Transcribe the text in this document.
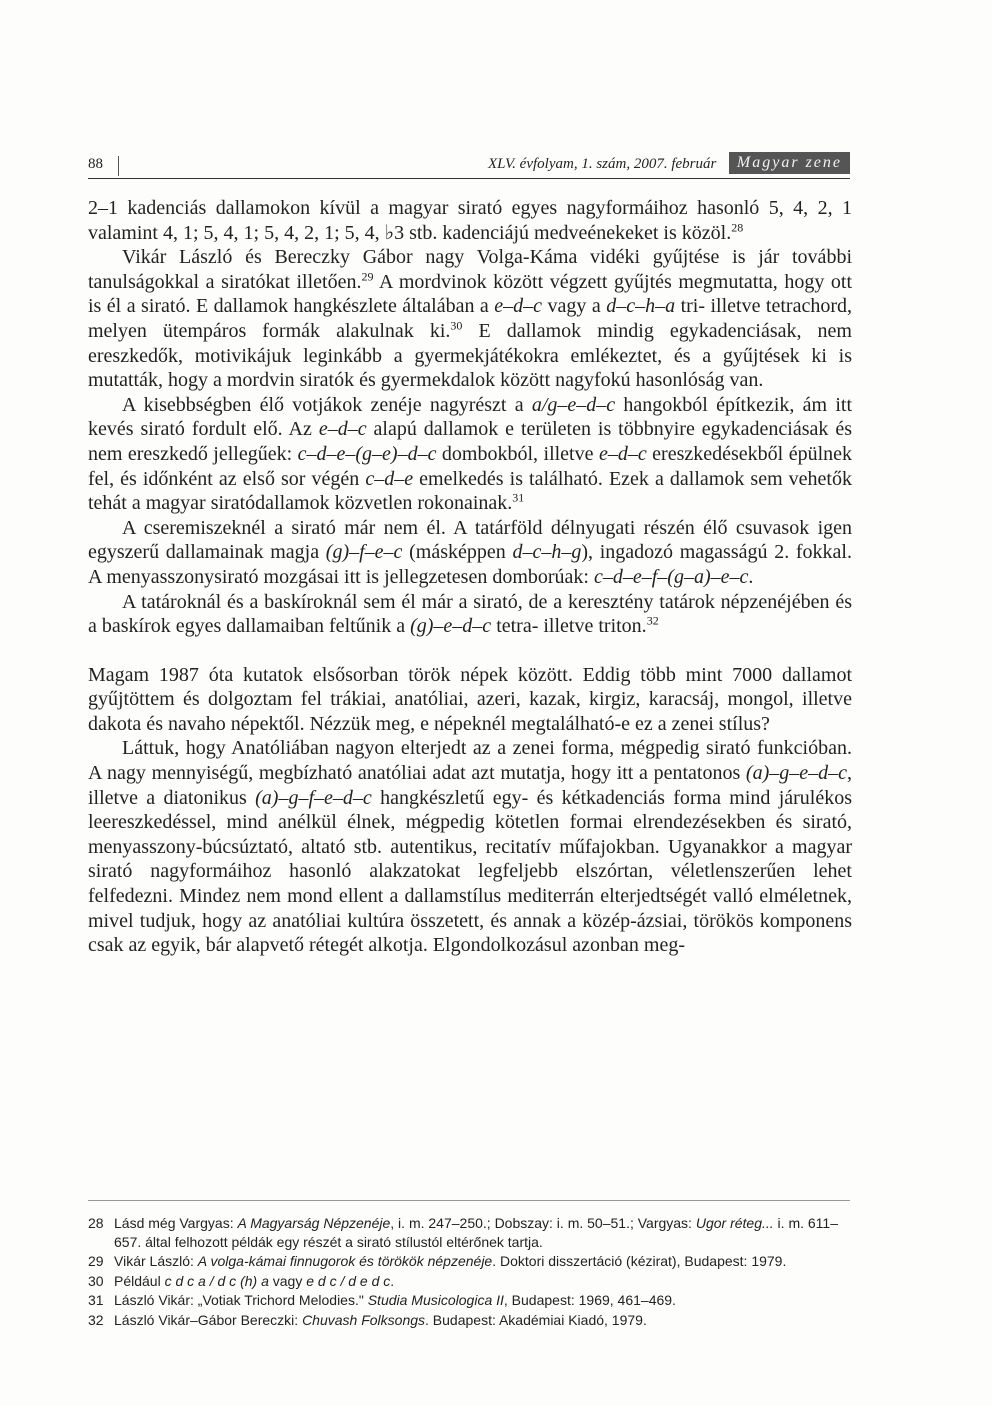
88	XLV. évfolyam, 1. szám, 2007. február	Magyar zene

2–1 kadenciás dallamokon kívül a magyar sirató egyes nagyformáihoz hasonló 5, 4, 2, 1 valamint 4, 1; 5, 4, 1; 5, 4, 2, 1; 5, 4, ♭3 stb. kadenciájú medveénekeket is közöl.$^{28}$

Vikár László és Bereczky Gábor nagy Volga-Káma vidéki gyűjtése is jár további tanulságokkal a siratókat illetően.$^{29}$ A mordvinok között végzett gyűjtés megmutatta, hogy ott is él a sirató. E dallamok hangkészlete általában a e–d–c vagy a d–c–h–a tri- illetve tetrachord, melyen ütempáros formák alakulnak ki.$^{30}$ E dallamok mindig egykadenciásak, nem ereszkedők, motivikájuk leginkább a gyermekjátékokra emlékeztet, és a gyűjtések ki is mutatták, hogy a mordvin siratók és gyermekdalok között nagyfokú hasonlóság van.

A kisebbségben élő votjákok zenéje nagyrészt a a/g–e–d–c hangokból építkezik, ám itt kevés sirató fordult elő. Az e–d–c alapú dallamok e területen is többnyire egykadenciásak és nem ereszkedő jellegűek: c–d–e–(g–e)–d–c dombokból, illetve e–d–c ereszkedésekből épülnek fel, és időnként az első sor végén c–d–e emelkedés is található. Ezek a dallamok sem vehetők tehát a magyar siratódallamok közvetlen rokonainak.$^{31}$

A cseremiszeknél a sirató már nem él. A tatárföld délnyugati részén élő csuvasok igen egyszerű dallamainak magja (g)–f–e–c (másképpen d–c–h–g), ingadozó magasságú 2. fokkal. A menyasszonysirató mozgásai itt is jellegzetesen domborúak: c–d–e–f–(g–a)–e–c.

A tatároknál és a baskíroknál sem él már a sirató, de a keresztény tatárok népzenéjében és a baskírok egyes dallamaiban feltűnik a (g)–e–d–c tetra- illetve triton.$^{32}$

Magam 1987 óta kutatok elsősorban török népek között. Eddig több mint 7000 dallamot gyűjtöttem és dolgoztam fel trákiai, anatóliai, azeri, kazak, kirgiz, karacsáj, mongol, illetve dakota és navaho népektől. Nézzük meg, e népeknél megtalálható-e ez a zenei stílus?

Láttuk, hogy Anatóliában nagyon elterjedt az a zenei forma, mégpedig sirató funkcióban. A nagy mennyiségű, megbízható anatóliai adat azt mutatja, hogy itt a pentatonos (a)–g–e–d–c, illetve a diatonikus (a)–g–f–e–d–c hangkészletű egy- és kétkadenciás forma mind járulékos leereszkedéssel, mind anélkül élnek, mégpedig kötetlen formai elrendezésekben és sirató, menyasszony-búcsúztató, altató stb. autentikus, recitatív műfajokban. Ugyanakkor a magyar sirató nagyformáihoz hasonló alakzatokat legfeljebb elszórtan, véletlenszerűen lehet felfedezni. Mindez nem mond ellent a dallamstílus mediterrán elterjedtségét valló elméletnek, mivel tudjuk, hogy az anatóliai kultúra összetett, és annak a közép-ázsiai, törökös komponens csak az egyik, bár alapvető rétegét alkotja. Elgondolkozásul azonban meg-

28 Lásd még Vargyas: A Magyarság Népzenéje, i. m. 247–250.; Dobszay: i. m. 50–51.; Vargyas: Ugor réteg... i. m. 611–657. által felhozott példák egy részét a sirató stílustól eltérőnek tartja.
29 Vikár László: A volga-kámai finnugorok és törökök népzenéje. Doktori disszertáció (kézirat), Budapest: 1979.
30 Például c d c a / d c (h) a vagy e d c / d e d c.
31 László Vikár: „Votiak Trichord Melodies." Studia Musicologica II, Budapest: 1969, 461–469.
32 László Vikár–Gábor Bereczki: Chuvash Folksongs. Budapest: Akadémiai Kiadó, 1979.
